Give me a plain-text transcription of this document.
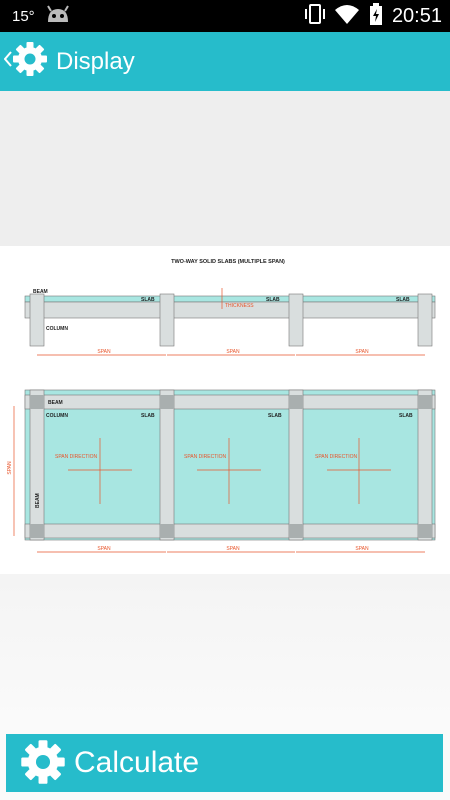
15°	20:51
Display
TWO-WAY SOLID SLABS (MULTIPLE SPAN)
BEAM
SLAB	SLAB	SLAB
THICKNESS
COLUMN
SPAN	SPAN	SPAN
BEAM
COLUMN	SLAB	SLAB	SLAB
BEAM
SPAN
SPAN DIRECTION	SPAN DIRECTION	SPAN DIRECTION
SPAN	SPAN	SPAN
Calculate
